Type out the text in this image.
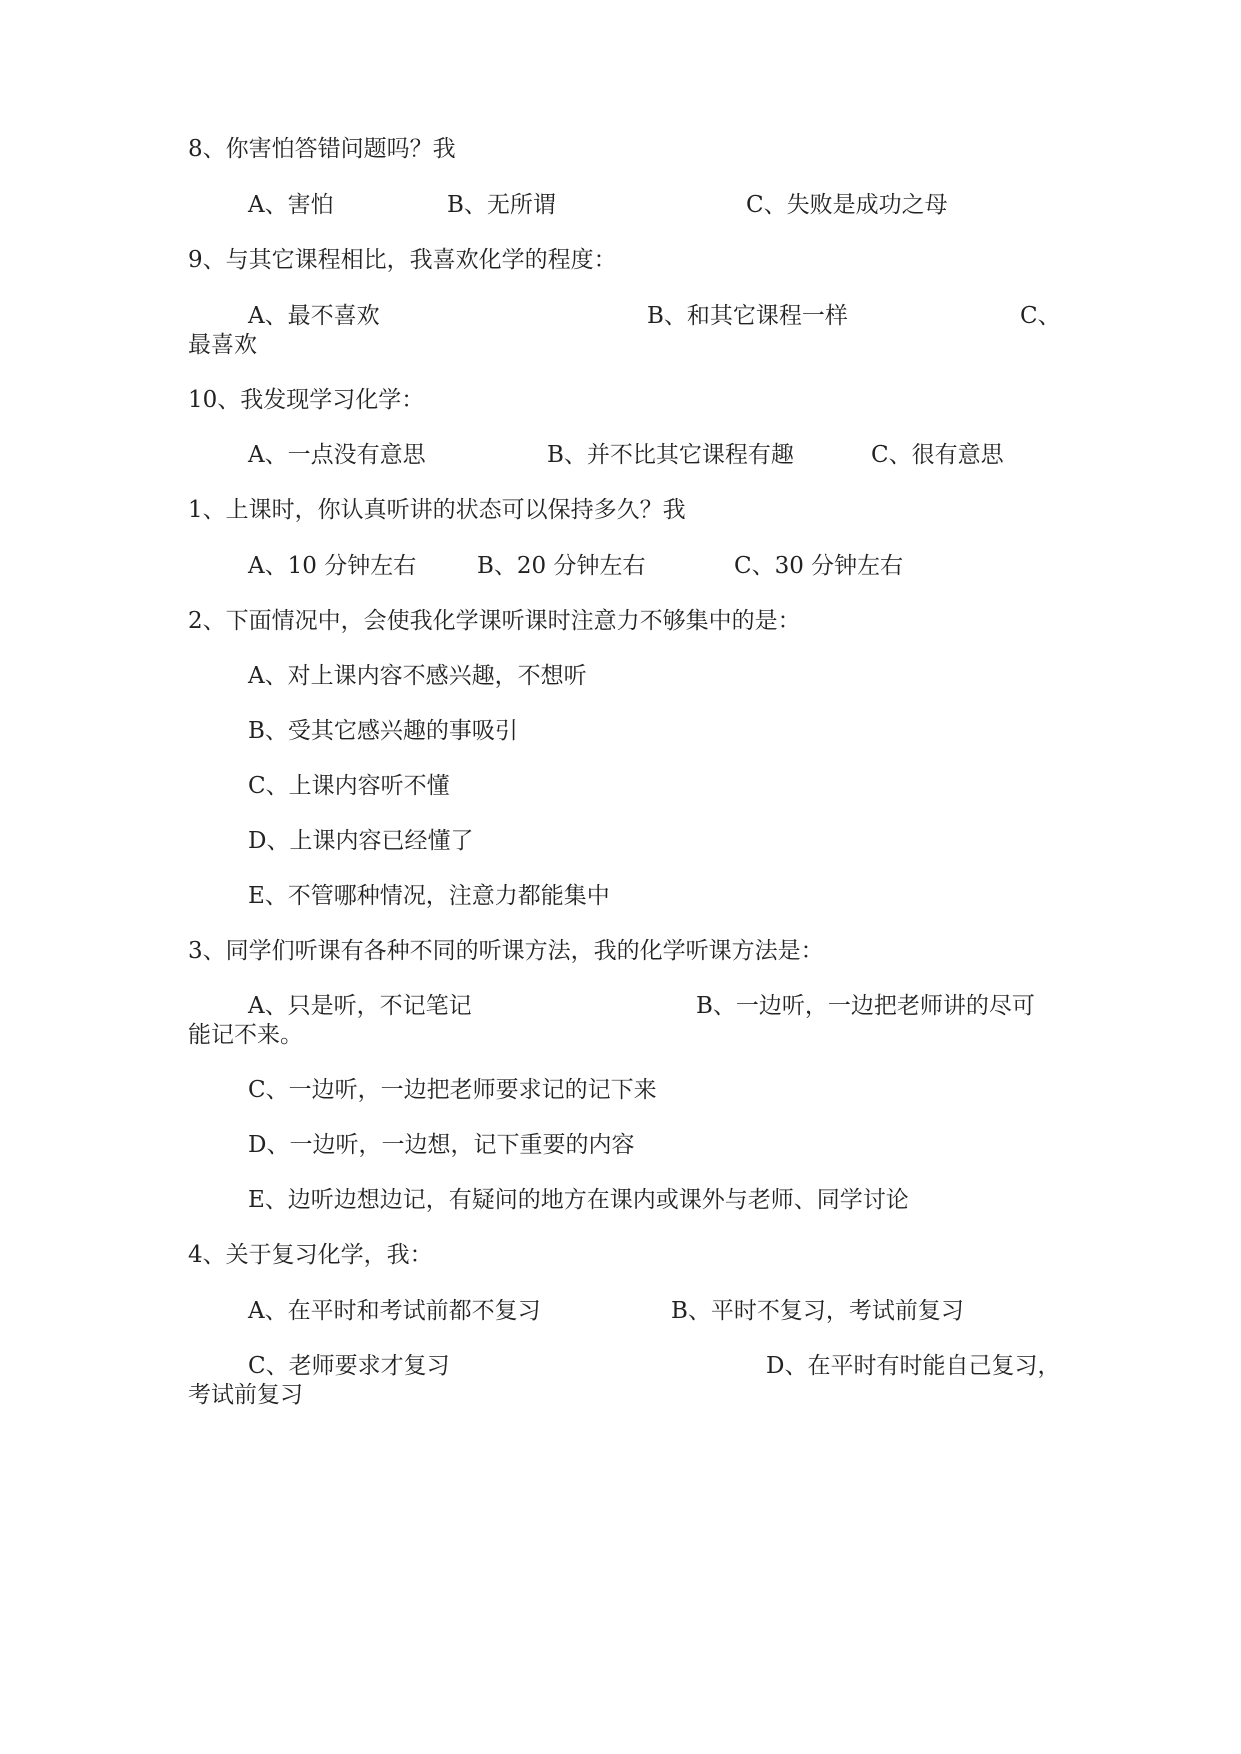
8、你害怕答错问题吗？我
A、害怕	B、无所谓	C、失败是成功之母
9、与其它课程相比，我喜欢化学的程度：
A、最不喜欢	B、和其它课程一样	C、
最喜欢
10、我发现学习化学：
A、一点没有意思	B、并不比其它课程有趣	C、很有意思
1、上课时，你认真听讲的状态可以保持多久？我
A、10 分钟左右	B、20 分钟左右	C、30 分钟左右
2、下面情况中，会使我化学课听课时注意力不够集中的是：
A、对上课内容不感兴趣，不想听
B、受其它感兴趣的事吸引
C、上课内容听不懂
D、上课内容已经懂了
E、不管哪种情况，注意力都能集中
3、同学们听课有各种不同的听课方法，我的化学听课方法是：
A、只是听，不记笔记	B、一边听，一边把老师讲的尽可
能记不来。
C、一边听，一边把老师要求记的记下来
D、一边听，一边想，记下重要的内容
E、边听边想边记，有疑问的地方在课内或课外与老师、同学讨论
4、关于复习化学，我：
A、在平时和考试前都不复习	B、平时不复习，考试前复习
C、老师要求才复习	D、在平时有时能自己复习，
考试前复习
